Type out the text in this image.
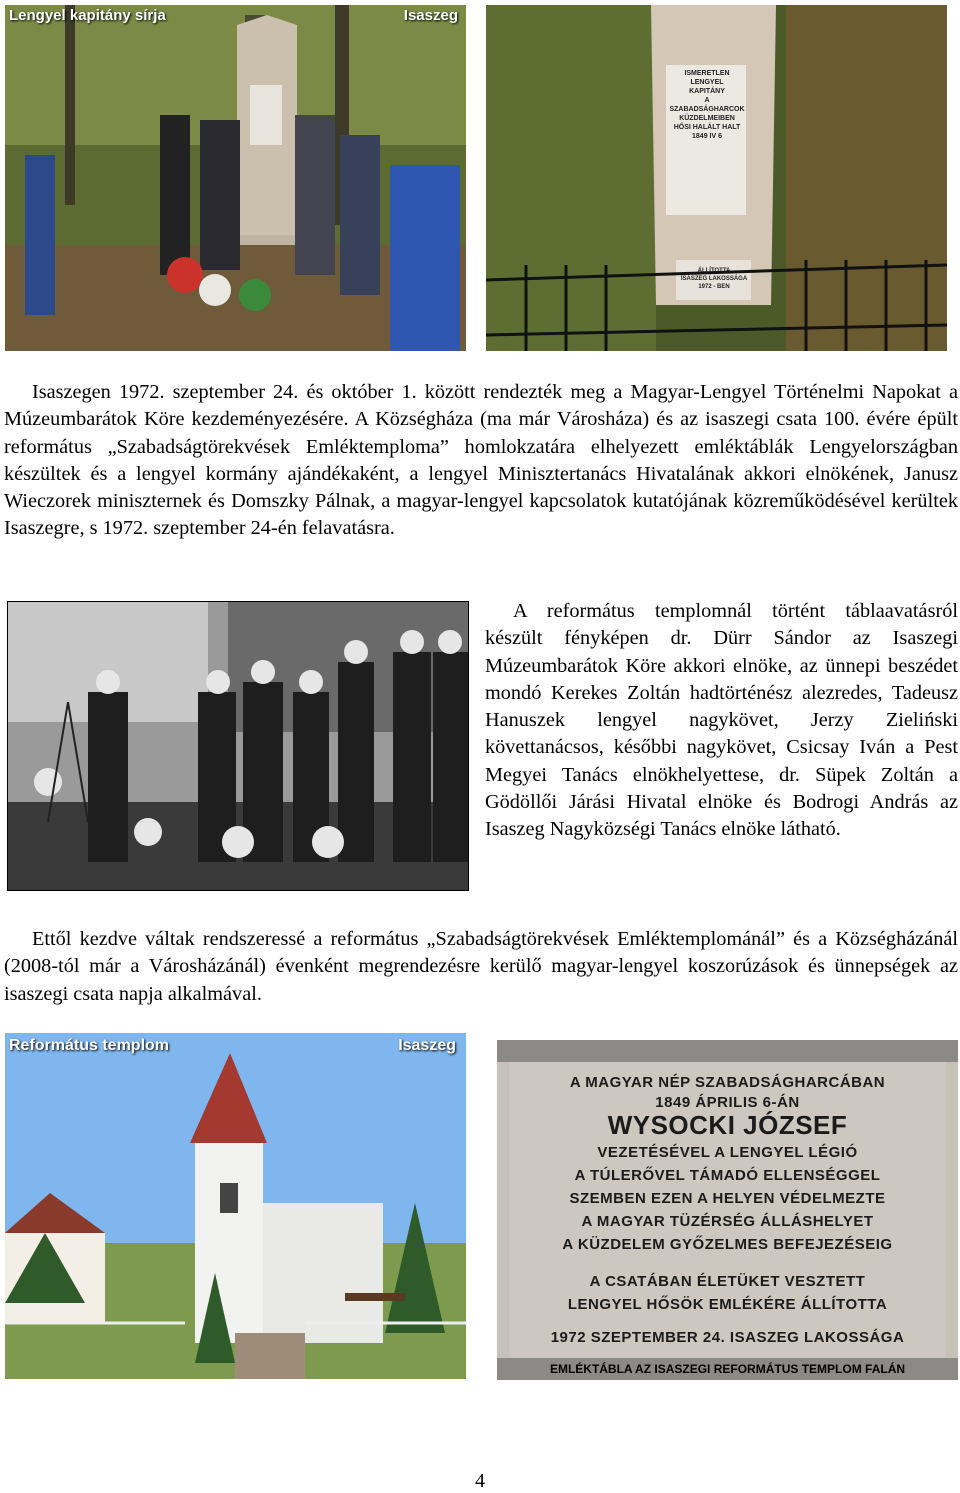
Lengyel kapitány sírja	Isaszeg
ISMERETLEN
LENGYEL
KAPITÁNY
A SZABADSÁGHARCOK
KÜZDELMEIBEN
HŐSI HALÁLT HALT
1849 IV 6
ÁLLÍTOTTA
ISASZEG LAKOSSÁGA
1972 - BEN

Isaszegen 1972. szeptember 24. és október 1. között rendezték meg a Magyar-Lengyel Történelmi Napokat a Múzeumbarátok Köre kezdeményezésére. A Községháza (ma már Városháza) és az isaszegi csata 100. évére épült református „Szabadságtörekvések Emléktemploma” homlokzatára elhelyezett emléktáblák Lengyelországban készültek és a lengyel kormány ajándékaként, a lengyel Minisztertanács Hivatalának akkori elnökének, Janusz Wieczorek miniszternek és Domszky Pálnak, a magyar-lengyel kapcsolatok kutatójának közreműködésével kerültek Isaszegre, s 1972. szeptember 24-én felavatásra.

A református templomnál történt táblaavatásról készült fényképen dr. Dürr Sándor az Isaszegi Múzeumbarátok Köre akkori elnöke, az ünnepi beszédet mondó Kerekes Zoltán hadtörténész alezredes, Tadeusz Hanuszek lengyel nagykövet, Jerzy Zieliński követtanácsos, későbbi nagykövet, Csicsay Iván a Pest Megyei Tanács elnökhelyettese, dr. Süpek Zoltán a Gödöllői Járási Hivatal elnöke és Bodrogi András az Isaszeg Nagyközségi Tanács elnöke látható.

Ettől kezdve váltak rendszeressé a református „Szabadságtörekvések Emléktemplománál” és a Községházánál (2008-tól már a Városházánál) évenként megrendezésre kerülő magyar-lengyel koszorúzások és ünnepségek az isaszegi csata napja alkalmával.

Református templom	Isaszeg
A MAGYAR NÉP SZABADSÁGHARCÁBAN
1849 ÁPRILIS 6-ÁN
WYSOCKI JÓZSEF
VEZETÉSÉVEL A LENGYEL LÉGIÓ
A TÚLERŐVEL TÁMADÓ ELLENSÉGGEL
SZEMBEN EZEN A HELYEN VÉDELMEZTE
A MAGYAR TÜZÉRSÉG ÁLLÁSHELYET
A KÜZDELEM GYŐZELMES BEFEJEZÉSEIG
A CSATÁBAN ÉLETÜKET VESZTETT
LENGYEL HŐSÖK EMLÉKÉRE ÁLLÍTOTTA
1972 SZEPTEMBER 24. ISASZEG LAKOSSÁGA
EMLÉKTÁBLA AZ ISASZEGI REFORMÁTUS TEMPLOM FALÁN
4
